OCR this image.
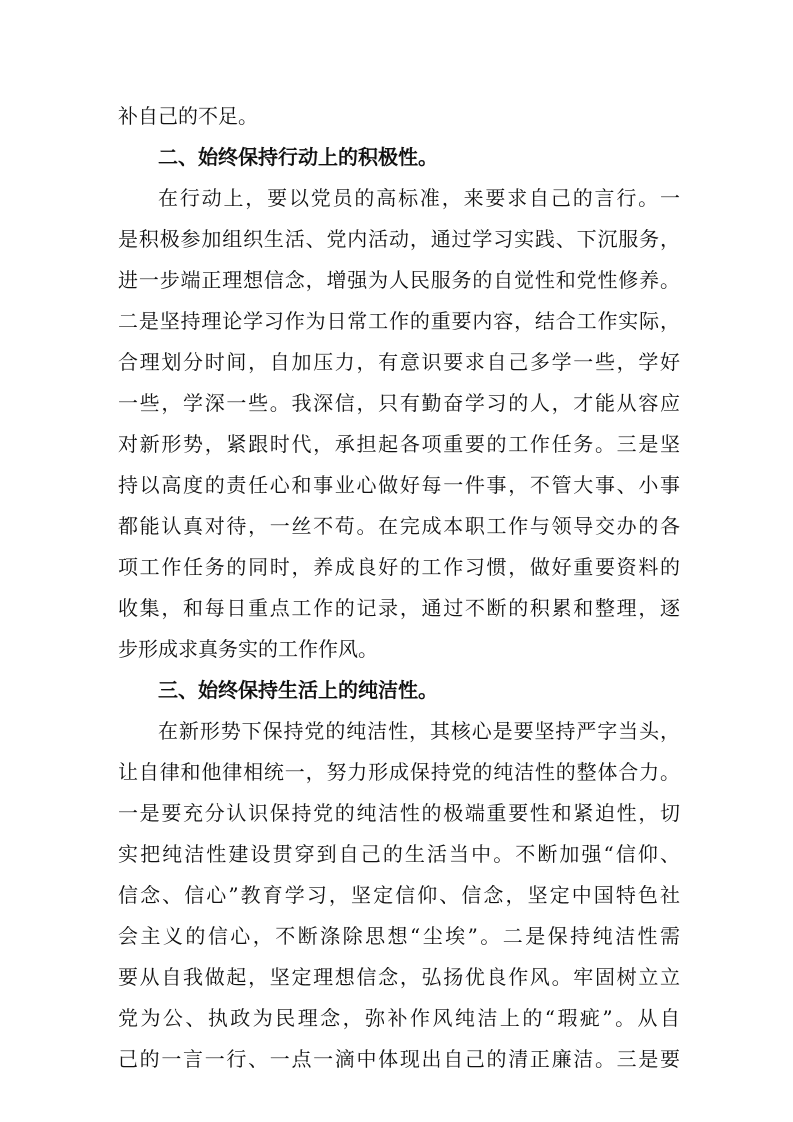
补自己的不足。
二、始终保持行动上的积极性。
在行动上，要以党员的高标准，来要求自己的言行。一
是积极参加组织生活、党内活动，通过学习实践、下沉服务，
进一步端正理想信念，增强为人民服务的自觉性和党性修养。
二是坚持理论学习作为日常工作的重要内容，结合工作实际，
合理划分时间，自加压力，有意识要求自己多学一些，学好
一些，学深一些。我深信，只有勤奋学习的人，才能从容应
对新形势，紧跟时代，承担起各项重要的工作任务。三是坚
持以高度的责任心和事业心做好每一件事，不管大事、小事
都能认真对待，一丝不苟。在完成本职工作与领导交办的各
项工作任务的同时，养成良好的工作习惯，做好重要资料的
收集，和每日重点工作的记录，通过不断的积累和整理，逐
步形成求真务实的工作作风。
三、始终保持生活上的纯洁性。
在新形势下保持党的纯洁性，其核心是要坚持严字当头，
让自律和他律相统一，努力形成保持党的纯洁性的整体合力。
一是要充分认识保持党的纯洁性的极端重要性和紧迫性，切
实把纯洁性建设贯穿到自己的生活当中。不断加强“信仰、
信念、信心”教育学习，坚定信仰、信念，坚定中国特色社
会主义的信心，不断涤除思想“尘埃”。二是保持纯洁性需
要从自我做起，坚定理想信念，弘扬优良作风。牢固树立立
党为公、执政为民理念，弥补作风纯洁上的“瑕疵”。从自
己的一言一行、一点一滴中体现出自己的清正廉洁。三是要
